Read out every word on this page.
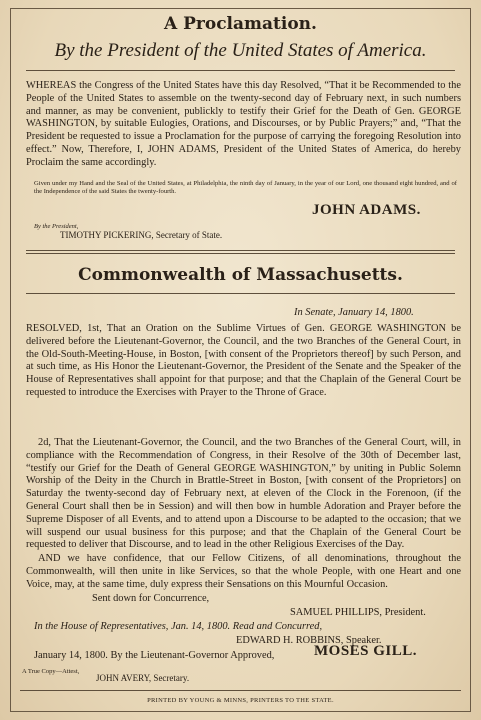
A Proclamation.
By the President of the United States of America.
WHEREAS the Congress of the United States have this day Resolved, “That it be Recommended to the People of the United States to assemble on the twenty-second day of February next, in such numbers and manner, as may be convenient, publickly to testify their Grief for the Death of Gen. GEORGE WASHINGTON, by suitable Eulogies, Orations, and Discourses, or by Public Prayers;” and, “That the President be requested to issue a Proclamation for the purpose of carrying the foregoing Resolution into effect.” Now, Therefore, I, JOHN ADAMS, President of the United States of America, do hereby Proclaim the same accordingly.
Given under my Hand and the Seal of the United States, at Philadelphia, the ninth day of January, in the year of our Lord, one thousand eight hundred, and of the Independence of the said States the twenty-fourth.
JOHN ADAMS.
By the President,
TIMOTHY PICKERING, Secretary of State.
Commonwealth of Massachusetts.
In Senate, January 14, 1800.
RESOLVED, 1st, That an Oration on the Sublime Virtues of Gen. GEORGE WASHINGTON be delivered before the Lieutenant-Governor, the Council, and the two Branches of the General Court, in the Old-South-Meeting-House, in Boston, [with consent of the Proprietors thereof] by such Person, and at such time, as His Honor the Lieutenant-Governor, the President of the Senate and the Speaker of the House of Representatives shall appoint for that purpose; and that the Chaplain of the General Court be requested to introduce the Exercises with Prayer to the Throne of Grace.
2d, That the Lieutenant-Governor, the Council, and the two Branches of the General Court, will, in compliance with the Recommendation of Congress, in their Resolve of the 30th of December last, “testify our Grief for the Death of General GEORGE WASHINGTON,” by uniting in Public Solemn Worship of the Deity in the Church in Brattle-Street in Boston, [with consent of the Proprietors] on Saturday the twenty-second day of February next, at eleven of the Clock in the Forenoon, (if the General Court shall then be in Session) and will then bow in humble Adoration and Prayer before the Supreme Disposer of all Events, and to attend upon a Discourse to be adapted to the occasion; that we will suspend our usual business for this purpose; and that the Chaplain of the General Court be requested to deliver that Discourse, and to lead in the other Religious Exercises of the Day.
AND we have confidence, that our Fellow Citizens, of all denominations, throughout the Commonwealth, will then unite in like Services, so that the whole People, with one Heart and one Voice, may, at the same time, duly express their Sensations on this Mournful Occasion.
Sent down for Concurrence,
SAMUEL PHILLIPS, President.
In the House of Representatives, Jan. 14, 1800. Read and Concurred,
EDWARD H. ROBBINS, Speaker.
January 14, 1800. By the Lieutenant-Governor Approved,	MOSES GILL.
A True Copy—Attest,
JOHN AVERY, Secretary.
PRINTED BY YOUNG & MINNS, PRINTERS TO THE STATE.
